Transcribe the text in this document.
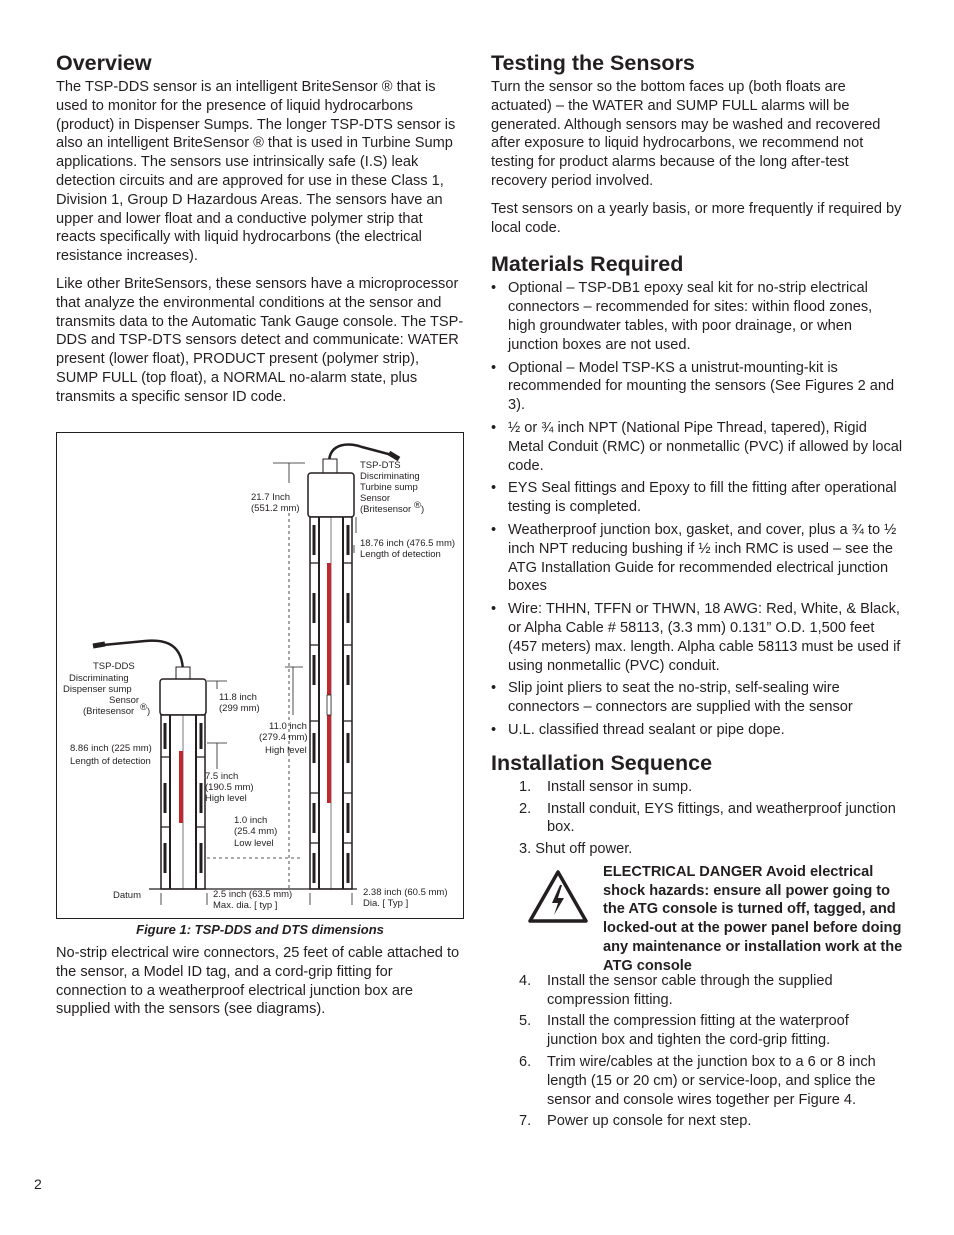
Overview

The TSP-DDS sensor is an intelligent BriteSensor ® that is used to monitor for the presence of liquid hydrocarbons (product) in Dispenser Sumps. The longer TSP-DTS sensor is also an intelligent BriteSensor ® that is used in Turbine Sump applications. The sensors use intrinsically safe (I.S) leak detection circuits and are approved for use in these Class 1, Division 1, Group D Hazardous Areas. The sensors have an upper and lower float and a conductive polymer strip that reacts specifically with liquid hydrocarbons (the electrical resistance increases).

Like other BriteSensors, these sensors have a microprocessor that analyze the environmental conditions at the sensor and transmits data to the Automatic Tank Gauge console. The TSP-DDS and TSP-DTS sensors detect and communicate: WATER present (lower float), PRODUCT present (polymer strip), SUMP FULL (top float), a NORMAL no-alarm state, plus transmits a specific sensor ID code.

TSP-DTS
Discriminating
Turbine sump
Sensor
(Britesensor ® )
21.7 Inch
(551.2 mm)
18.76 inch (476.5 mm)
Length of detection
11.0 inch
(279.4 mm)
High level
2.38 inch (60.5 mm)
Dia. [ Typ ]
TSP-DDS
Discriminating
Dispenser sump
Sensor
(Britesensor ® )
11.8 inch
(299 mm)
8.86 inch (225 mm)
Length of detection
7.5 inch
(190.5 mm)
High level
1.0 inch
(25.4 mm)
Low level
2.5 inch (63.5 mm)
Max. dia. [ typ ]
Datum
Figure 1: TSP-DDS and DTS dimensions

No-strip electrical wire connectors, 25 feet of cable attached to the sensor, a Model ID tag, and a cord-grip fitting for connection to a weatherproof electrical junction box are supplied with the sensors (see diagrams).

Testing the Sensors

Turn the sensor so the bottom faces up (both floats are actuated) – the WATER and SUMP FULL alarms will be generated. Although sensors may be washed and recovered after exposure to liquid hydrocarbons, we recommend not testing for product alarms because of the long after-test recovery period involved.

Test sensors on a yearly basis, or more frequently if required by local code.

Materials Required
• Optional – TSP-DB1 epoxy seal kit for no-strip electrical connectors – recommended for sites: within flood zones, high groundwater tables, with poor drainage, or when junction boxes are not used.
• Optional – Model TSP-KS a unistrut-mounting-kit is recommended for mounting the sensors (See Figures 2 and 3).
• ½ or ¾ inch NPT (National Pipe Thread, tapered), Rigid Metal Conduit (RMC) or nonmetallic (PVC) if allowed by local code.
• EYS Seal fittings and Epoxy to fill the fitting after operational testing is completed.
• Weatherproof junction box, gasket, and cover, plus a ¾ to ½ inch NPT reducing bushing if ½ inch RMC is used – see the ATG Installation Guide for recommended electrical junction boxes
• Wire: THHN, TFFN or THWN, 18 AWG: Red, White, & Black, or Alpha Cable # 58113, (3.3 mm) 0.131” O.D. 1,500 feet (457 meters) max. length. Alpha cable 58113 must be used if using nonmetallic (PVC) conduit.
• Slip joint pliers to seat the no-strip, self-sealing wire connectors – connectors are supplied with the sensor
• U.L. classified thread sealant or pipe dope.
Installation Sequence
1. Install sensor in sump.
2. Install conduit, EYS fittings, and weatherproof junction box.
3. Shut off power.
ELECTRICAL DANGER Avoid electrical shock hazards: ensure all power going to the ATG console is turned off, tagged, and locked-out at the power panel before doing any maintenance or installation work at the ATG console
4. Install the sensor cable through the supplied compression fitting.
5. Install the compression fitting at the waterproof junction box and tighten the cord-grip fitting.
6. Trim wire/cables at the junction box to a 6 or 8 inch length (15 or 20 cm) or service-loop, and splice the sensor and console wires together per Figure 4.
7. Power up console for next step.
2
